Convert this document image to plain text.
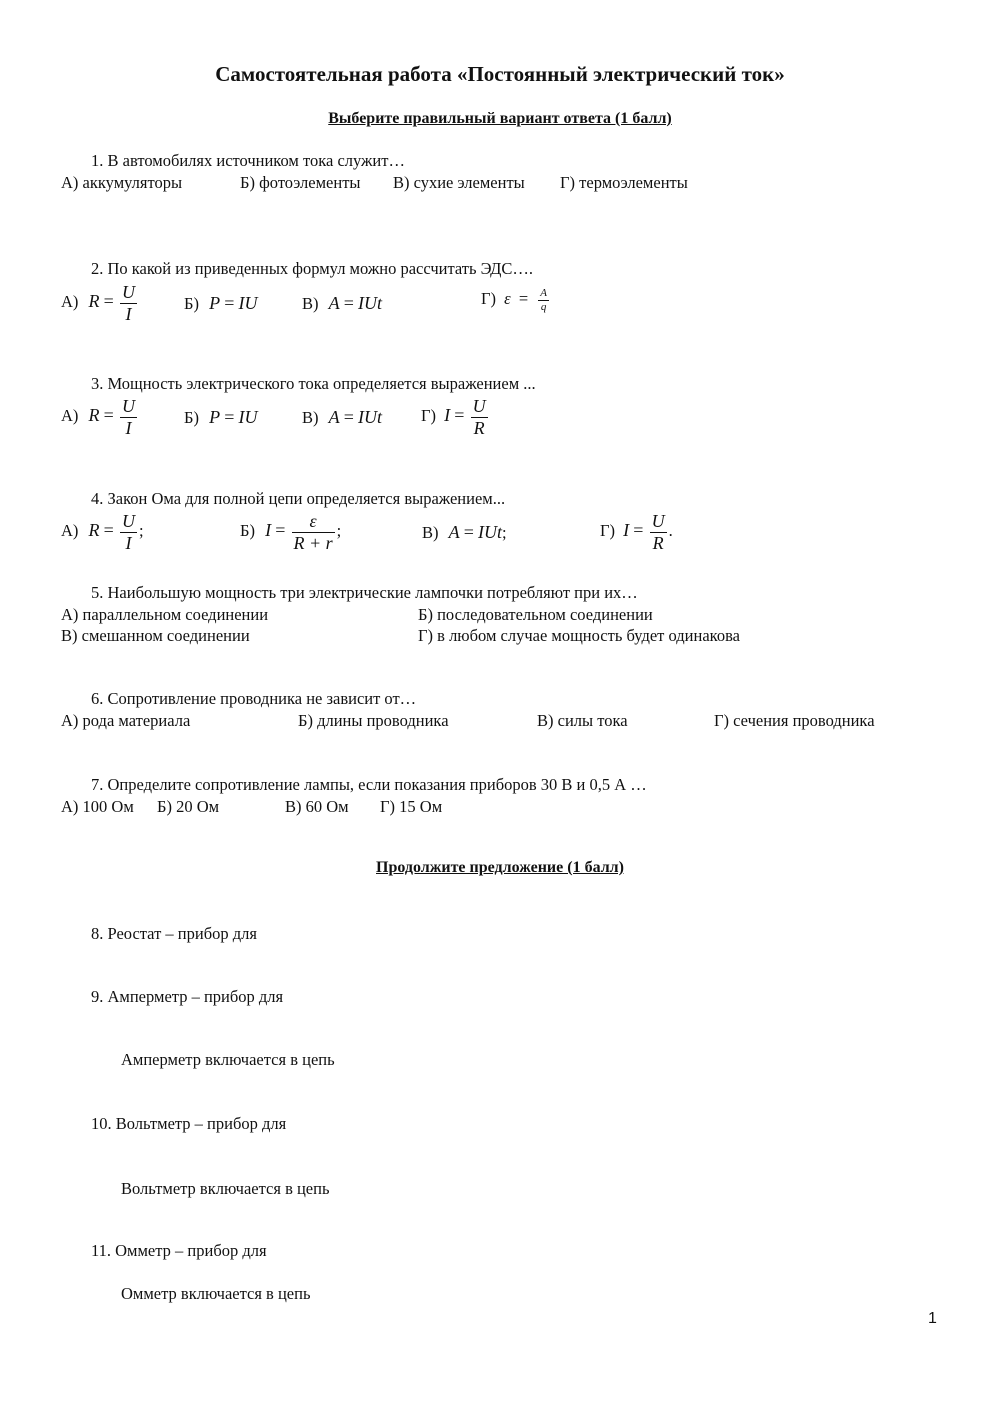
Самостоятельная работа «Постоянный электрический ток»
Выберите правильный вариант ответа (1 балл)
1. В автомобилях источником тока служит…
А) аккумуляторы	Б) фотоэлементы В) сухие элементы Г) термоэлементы
2. По какой из приведенных формул можно рассчитать ЭДС….
А) $R = \frac{U}{I}$	Б) P = IU	В) A = IUt	Г) $\varepsilon = \frac{A}{q}$
3. Мощность электрического тока определяется выражением ...
А) $R = \frac{U}{I}$	Б) P = IU	В) A = IUt Г) $I = \frac{U}{R}$
4. Закон Ома для полной цепи определяется выражением...
А) $R = \frac{U}{I}$ ;	Б) $I = \frac{\varepsilon}{R + r}$ ;	В) A = IUt;	Г) $I = \frac{U}{R}$ .
5. Наибольшую мощность три электрические лампочки потребляют при их…
А) параллельном соединении	Б) последовательном соединении
В) смешанном соединении	Г) в любом случае мощность будет одинакова
6. Сопротивление проводника не зависит от…
А) рода материала	Б) длины проводника	В) силы тока	Г) сечения проводника
7. Определите сопротивление лампы, если показания приборов 30 В и 0,5 А …
А) 100 Ом Б) 20 Ом	В) 60 Ом Г) 15 Ом
Продолжите предложение (1 балл)
8. Реостат – прибор для
9. Амперметр – прибор для
Амперметр включается в цепь
10. Вольтметр – прибор для
Вольтметр включается в цепь
11. Омметр – прибор для
Омметр включается в цепь
1
